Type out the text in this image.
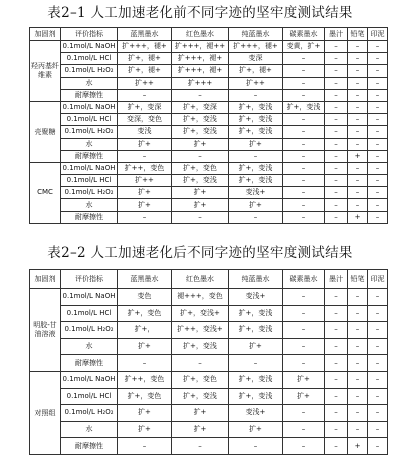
表2–1 人工加速老化前不同字迹的坚牢度测试结果
加固剂	评价指标	蓝黑墨水	红色墨水	纯蓝墨水	碳素墨水	墨汁	铅笔	印泥
羟丙基纤维素	0.1mol/L NaOH	扩+++，褪+	扩+++，褪++	扩+++，褪+	变黄，扩+	–	–	–
	0.1mol/L HCl	扩+，褪+	扩+++，褪+	变深	–	–	–	–
	0.1mol/L H₂O₂	扩+，褪+	扩+++，褪+	扩+，褪+	–	–	–	–
	水	扩++	扩+++	扩++	–	–	–	–
	耐摩擦性	–	–	–	–	–	–	–
壳聚糖	0.1mol/L NaOH	扩+，变深	扩+，变深	扩+，变浅	扩+，变浅	–	–	–
	0.1mol/L HCl	变深，变色	扩+，变浅	扩+，变浅	–	–	–	–
	0.1mol/L H₂O₂	变浅	扩+，变浅	扩+，变浅	–	–	–	–
	水	扩+	扩+	扩+	–	–	–	–
	耐摩擦性	–	–	–	–	–	+	–
CMC	0.1mol/L NaOH	扩++，变色	扩+，变色	扩+，变浅	–	–	–	–
	0.1mol/L HCl	扩++	扩+，变浅	扩+，变浅	–	–	–	–
	0.1mol/L H₂O₂	扩+	扩+	变浅+	–	–	–	–
	水	扩+	扩+	扩+	–	–	–	–
	耐摩擦性	–	–	–	–	–	+	–
表2–2 人工加速老化后不同字迹的坚牢度测试结果
加固剂	评价指标	蓝黑墨水	红色墨水	纯蓝墨水	碳素墨水	墨汁	铅笔	印泥
明胶-甘油溶液	0.1mol/L NaOH	变色	褪+++，变色	变浅+	–	–	–	–
	0.1mol/L HCl	扩+，变色	扩+，变浅+	扩+，变浅	–	–	–	–
	0.1mol/L H₂O₂	扩+，	扩++，变浅+	扩+，变浅	–	–	–	–
	水	扩+	扩+，变浅	扩+	–	–	–	–
	耐摩擦性	–	–	–	–	–	–	–
对照组	0.1mol/L NaOH	扩++，变色	扩+，变色	扩+，变浅	扩+	–	–	–
	0.1mol/L HCl	扩+，变色	扩+，变浅	扩+，变浅	扩+	–	–	–
	0.1mol/L H₂O₂	扩+	扩+	变浅+	–	–	–	–
	水	扩+	扩+	扩+	–	–	–	–
	耐摩擦性	–	–	–	–	–	+	–
